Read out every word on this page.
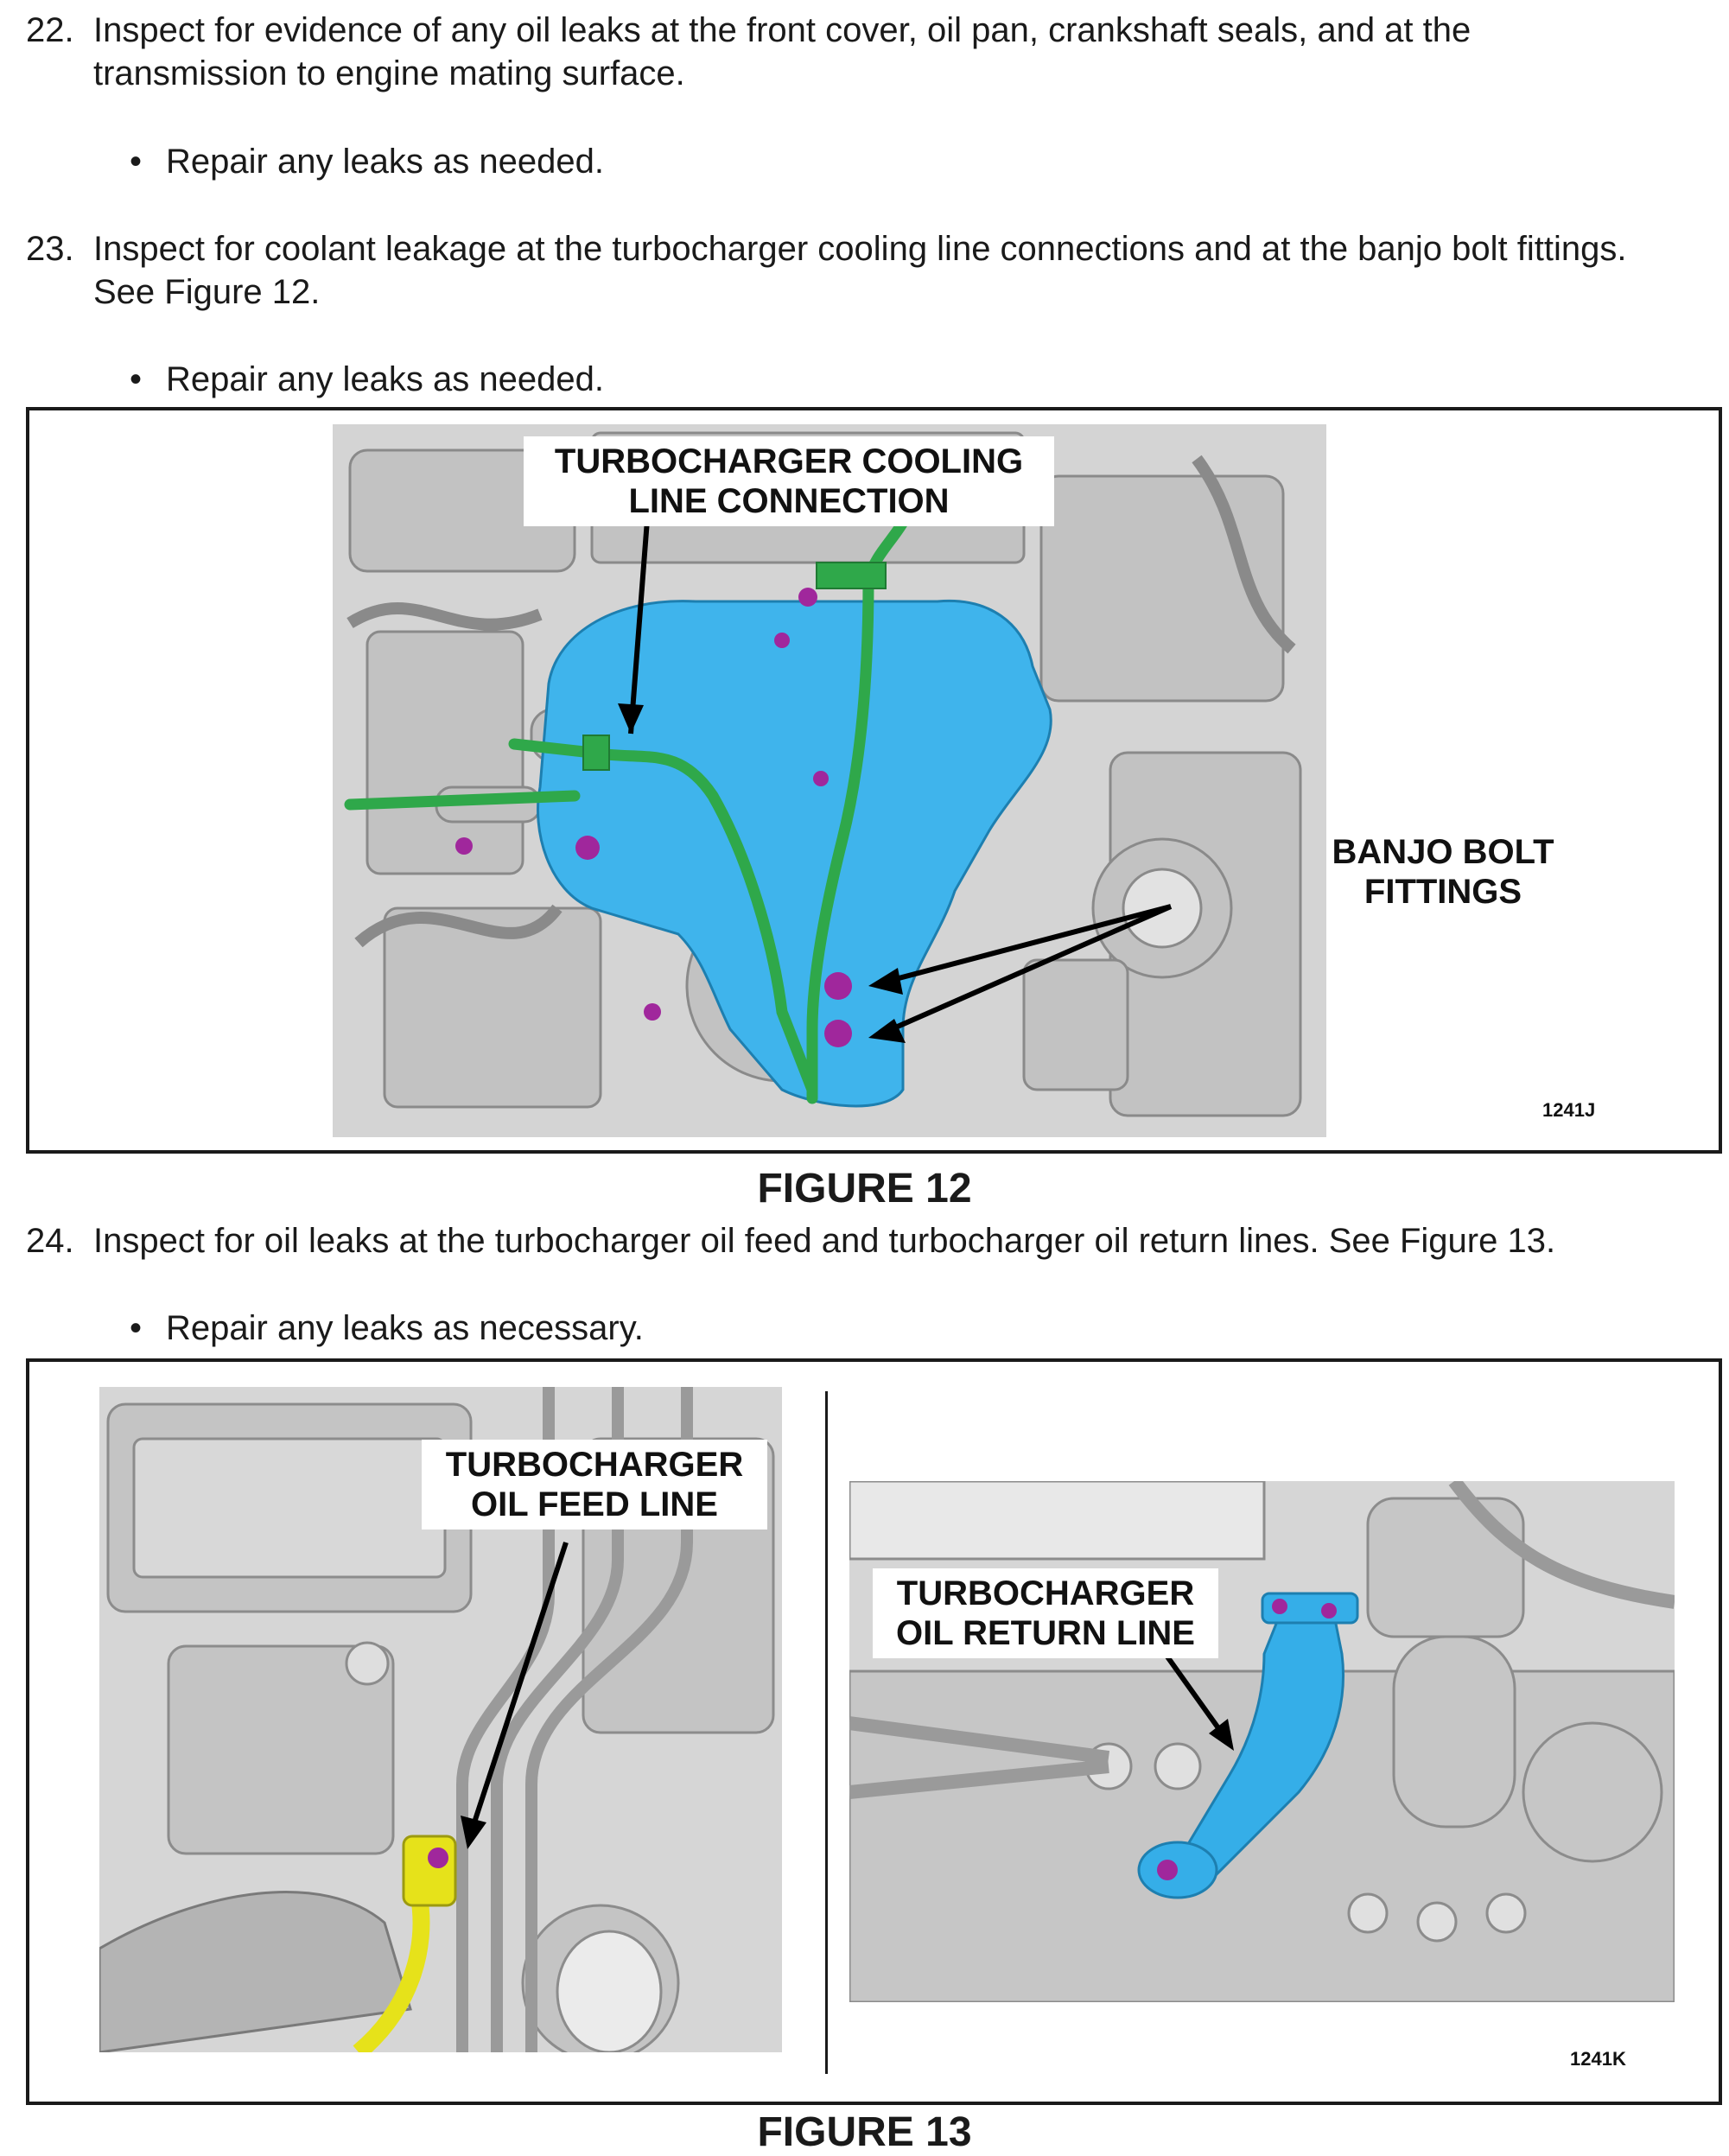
22. Inspect for evidence of any oil leaks at the front cover, oil pan, crankshaft seals, and at the
transmission to engine mating surface.
• Repair any leaks as needed.
23. Inspect for coolant leakage at the turbocharger cooling line connections and at the banjo bolt fittings.
See Figure 12.
• Repair any leaks as needed.
TURBOCHARGER COOLING
LINE CONNECTION
BANJO BOLT
FITTINGS
1241J
FIGURE 12
24. Inspect for oil leaks at the turbocharger oil feed and turbocharger oil return lines. See Figure 13.
• Repair any leaks as necessary.
TURBOCHARGER
OIL FEED LINE
TURBOCHARGER
OIL RETURN LINE
1241K
FIGURE 13
